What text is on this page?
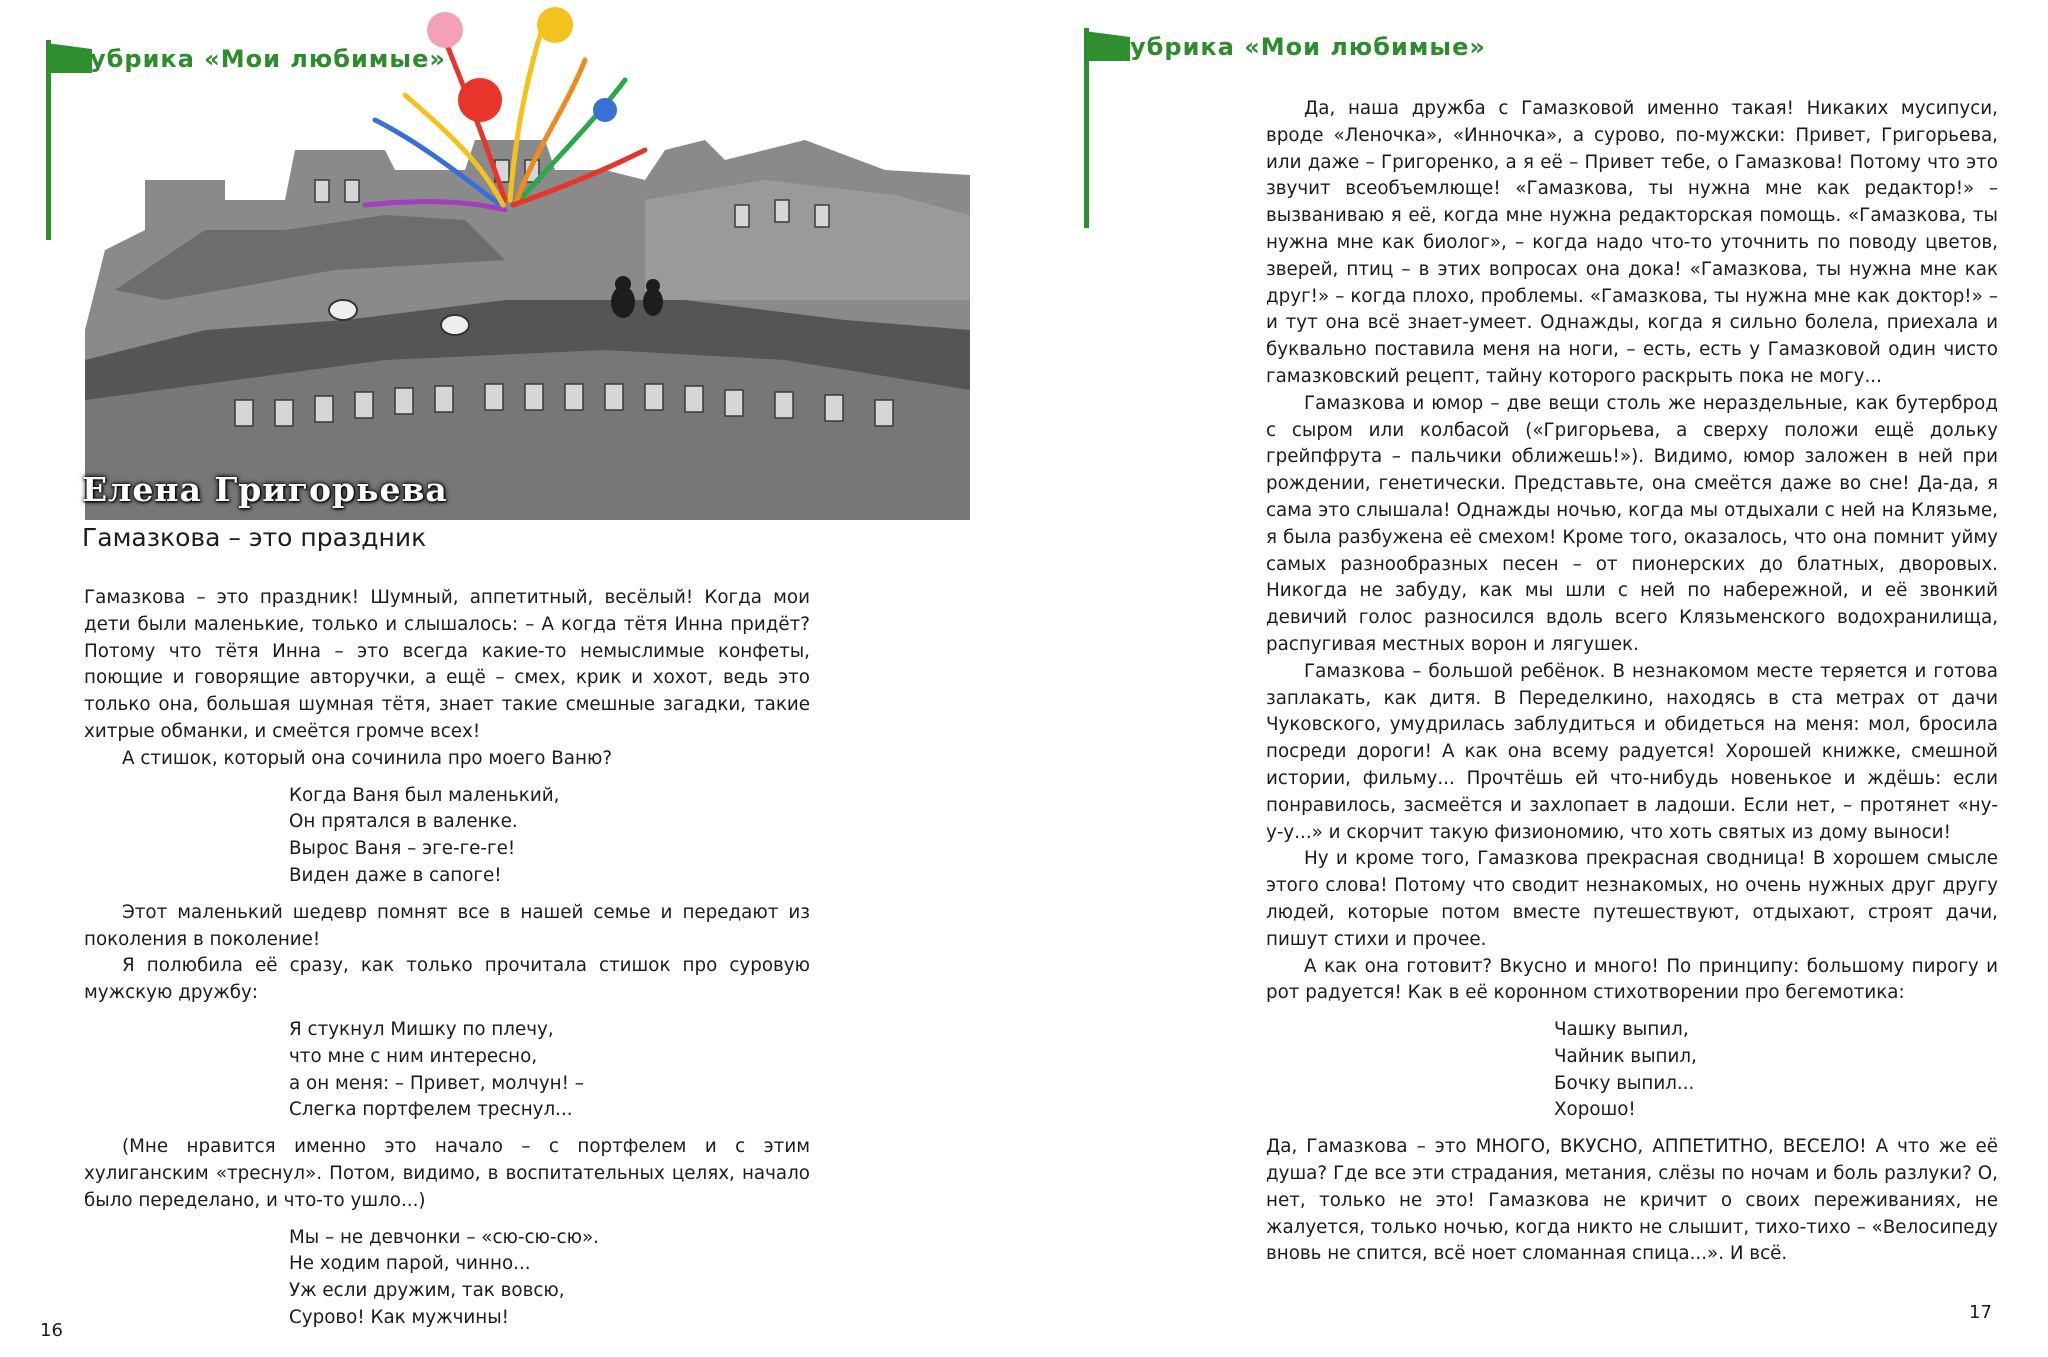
убрика «Мои любимые»
Елена Григорьева
Гамазкова – это праздник

Гамазкова – это праздник! Шумный, аппетитный, весёлый! Когда мои дети были маленькие, только и слышалось: – А когда тётя Инна придёт? Потому что тётя Инна – это всегда какие-то немыслимые конфеты, поющие и говорящие авторучки, а ещё – смех, крик и хохот, ведь это только она, большая шумная тётя, знает такие смешные загадки, такие хитрые обманки, и смеётся громче всех!

А стишок, который она сочинила про моего Ваню?

Когда Ваня был маленький,
Он прятался в валенке.
Вырос Ваня – эге-ге-ге!
Виден даже в сапоге!

Этот маленький шедевр помнят все в нашей семье и передают из поколения в поколение!

Я полюбила её сразу, как только прочитала стишок про суровую мужскую дружбу:

Я стукнул Мишку по плечу,
что мне с ним интересно,
а он меня: – Привет, молчун! –
Слегка портфелем треснул...

(Мне нравится именно это начало – с портфелем и с этим хулиганским «треснул». Потом, видимо, в воспитательных целях, начало было переделано, и что-то ушло...)

Мы – не девчонки – «сю-сю-сю».
Не ходим парой, чинно...
Уж если дружим, так вовсю,
Сурово! Как мужчины!
16
убрика «Мои любимые»

Да, наша дружба с Гамазковой именно такая! Никаких мусипуси, вроде «Леночка», «Инночка», а сурово, по-мужски: Привет, Григорьева, или даже – Григоренко, а я её – Привет тебе, о Гамазкова! Потому что это звучит всеобъемлюще! «Гамазкова, ты нужна мне как редактор!» – вызваниваю я её, когда мне нужна редакторская помощь. «Гамазкова, ты нужна мне как биолог», – когда надо что-то уточнить по поводу цветов, зверей, птиц – в этих вопросах она дока! «Гамазкова, ты нужна мне как друг!» – когда плохо, проблемы. «Гамазкова, ты нужна мне как доктор!» – и тут она всё знает-умеет. Однажды, когда я сильно болела, приехала и буквально поставила меня на ноги, – есть, есть у Гамазковой один чисто гамазковский рецепт, тайну которого раскрыть пока не могу...

Гамазкова и юмор – две вещи столь же нераздельные, как бутерброд с сыром или колбасой («Григорьева, а сверху положи ещё дольку грейпфрута – пальчики оближешь!»). Видимо, юмор заложен в ней при рождении, генетически. Представьте, она смеётся даже во сне! Да-да, я сама это слышала! Однажды ночью, когда мы отдыхали с ней на Клязьме, я была разбужена её смехом! Кроме того, оказалось, что она помнит уйму самых разнообразных песен – от пионерских до блатных, дворовых. Никогда не забуду, как мы шли с ней по набережной, и её звонкий девичий голос разносился вдоль всего Клязьменского водохранилища, распугивая местных ворон и лягушек.

Гамазкова – большой ребёнок. В незнакомом месте теряется и готова заплакать, как дитя. В Переделкино, находясь в ста метрах от дачи Чуковского, умудрилась заблудиться и обидеться на меня: мол, бросила посреди дороги! А как она всему радуется! Хорошей книжке, смешной истории, фильму... Прочтёшь ей что-нибудь новенькое и ждёшь: если понравилось, засмеётся и захлопает в ладоши. Если нет, – протянет «ну-у-у...» и скорчит такую физиономию, что хоть святых из дому выноси!

Ну и кроме того, Гамазкова прекрасная сводница! В хорошем смысле этого слова! Потому что сводит незнакомых, но очень нужных друг другу людей, которые потом вместе путешествуют, отдыхают, строят дачи, пишут стихи и прочее.

А как она готовит? Вкусно и много! По принципу: большому пирогу и рот радуется! Как в её коронном стихотворении про бегемотика:

Чашку выпил,
Чайник выпил,
Бочку выпил...
Хорошо!

Да, Гамазкова – это МНОГО, ВКУСНО, АППЕТИТНО, ВЕСЕЛО! А что же её душа? Где все эти страдания, метания, слёзы по ночам и боль разлуки? О, нет, только не это! Гамазкова не кричит о своих переживаниях, не жалуется, только ночью, когда никто не слышит, тихо-тихо – «Велосипеду вновь не спится, всё ноет сломанная спица...». И всё.

17
